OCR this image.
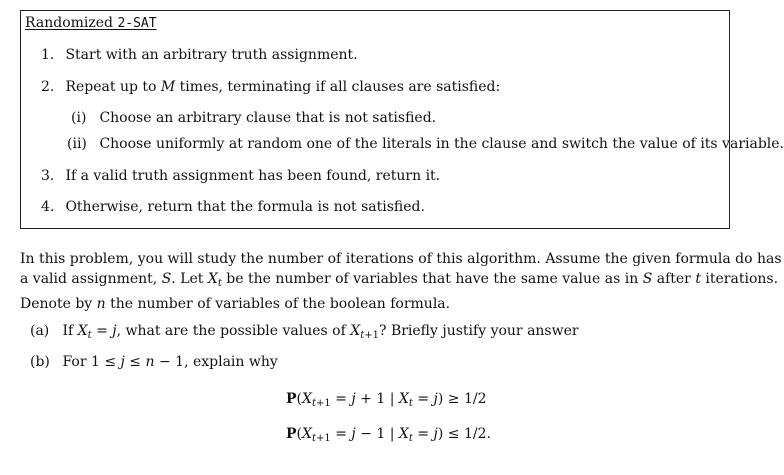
Randomized 2-SAT
1. Start with an arbitrary truth assignment.
2. Repeat up to M times, terminating if all clauses are satisfied:
(i) Choose an arbitrary clause that is not satisfied.
(ii) Choose uniformly at random one of the literals in the clause and switch the value of its variable.
3. If a valid truth assignment has been found, return it.
4. Otherwise, return that the formula is not satisfied.
In this problem, you will study the number of iterations of this algorithm. Assume the given formula do has
a valid assignment, S. Let $X_t$ be the number of variables that have the same value as in S after t iterations.
Denote by n the number of variables of the boolean formula.
(a) If $X_t = j$, what are the possible values of $X_{t+1}$? Briefly justify your answer
(b) For 1 ≤ j ≤ n − 1, explain why
$P(X_{t+1} = j + 1$ | $X_t = j) \ge 1/2$
$P(X_{t+1} = j - 1$ | $X_t = j) \le 1/2$.
